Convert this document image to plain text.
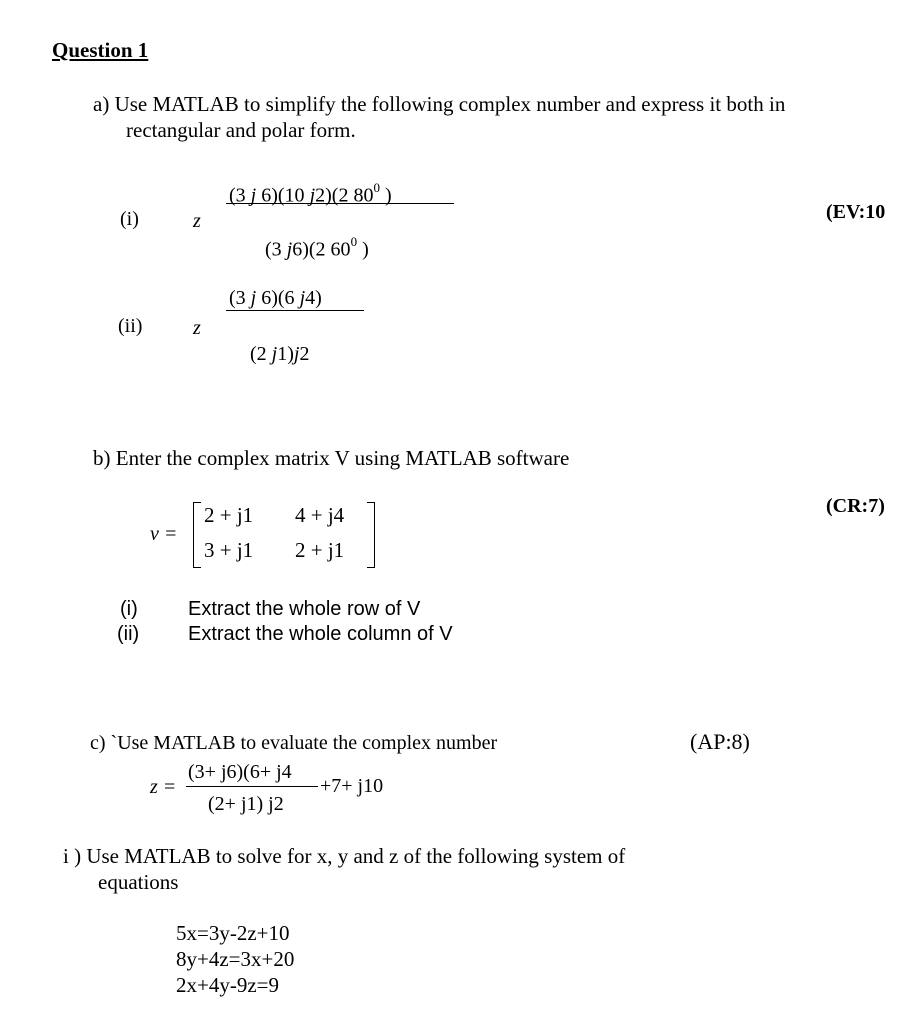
Question 1
a) Use MATLAB to simplify the following complex number and express it both in
rectangular and polar form.
(i)	z
(3 j 6)(10 j2)(2 $80^0$ )
(3 j6)(2 $60^0$ )
(EV:10
(ii)	z
(3 j 6)(6 j4)
(2 j1)j2
b) Enter the complex matrix V using MATLAB software
(CR:7)
v =
2 + j1 4 + j4
3 + j1 2 + j1
(i)	Extract the whole row of V
(ii) Extract the whole column of V
c) `Use MATLAB to evaluate the complex number	(AP:8)
z =
(3+ j6)(6+ j4
(2+ j1) j2
+7+ j10
i ) Use MATLAB to solve for x, y and z of the following system of
equations
5x=3y-2z+10
8y+4z=3x+20
2x+4y-9z=9
